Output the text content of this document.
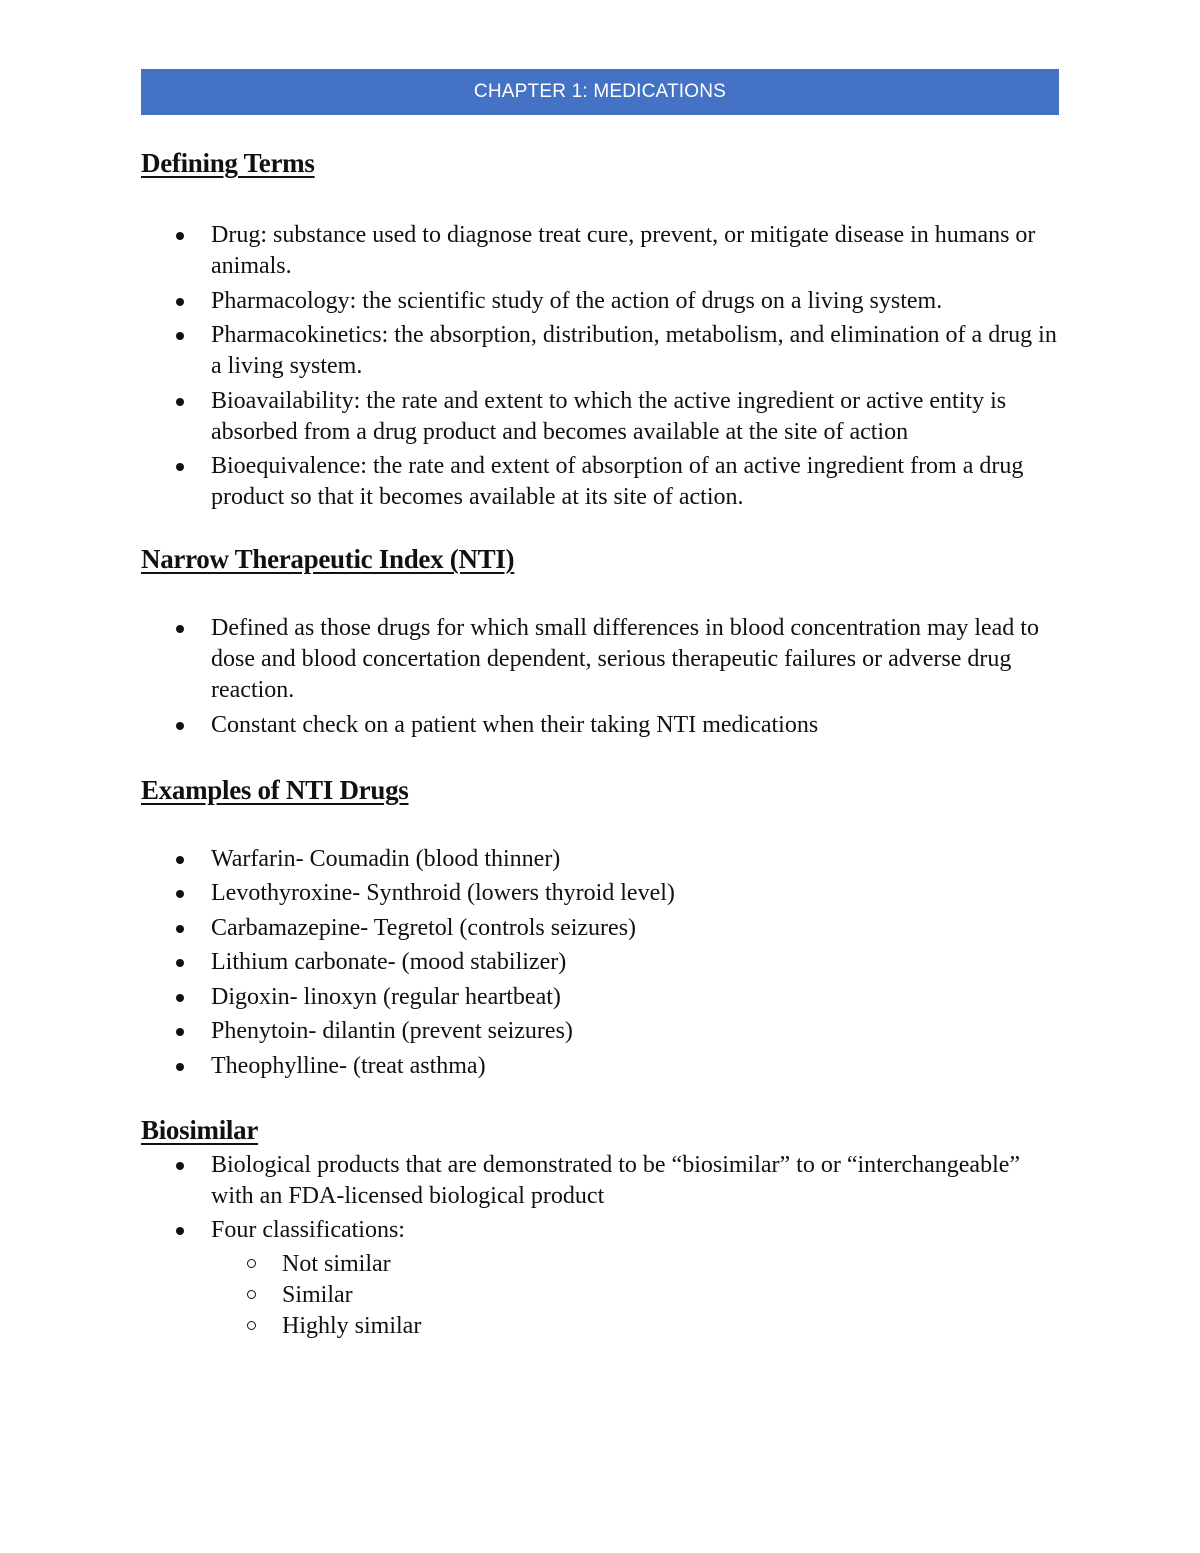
CHAPTER 1: MEDICATIONS
Defining Terms
Drug: substance used to diagnose treat cure, prevent, or mitigate disease in humans or animals.
Pharmacology: the scientific study of the action of drugs on a living system.
Pharmacokinetics: the absorption, distribution, metabolism, and elimination of a drug in a living system.
Bioavailability: the rate and extent to which the active ingredient or active entity is absorbed from a drug product and becomes available at the site of action
Bioequivalence: the rate and extent of absorption of an active ingredient from a drug product so that it becomes available at its site of action.
Narrow Therapeutic Index (NTI)
Defined as those drugs for which small differences in blood concentration may lead to dose and blood concertation dependent, serious therapeutic failures or adverse drug reaction.
Constant check on a patient when their taking NTI medications
Examples of NTI Drugs
Warfarin- Coumadin (blood thinner)
Levothyroxine- Synthroid (lowers thyroid level)
Carbamazepine- Tegretol (controls seizures)
Lithium carbonate- (mood stabilizer)
Digoxin- linoxyn (regular heartbeat)
Phenytoin- dilantin (prevent seizures)
Theophylline- (treat asthma)
Biosimilar
Biological products that are demonstrated to be “biosimilar” to or “interchangeable” with an FDA-licensed biological product
Four classifications:
Not similar
Similar
Highly similar
